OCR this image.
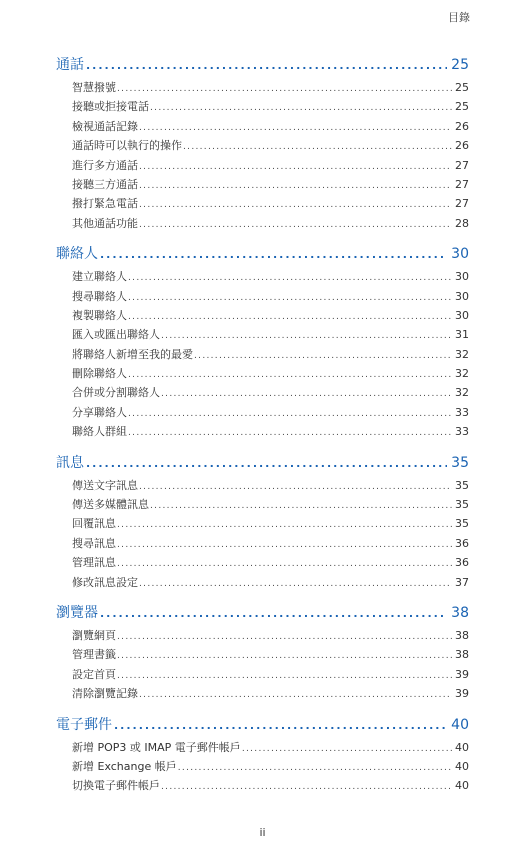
目錄
通話 .....	25
智慧撥號 .....	25
接聽或拒接電話 .....	25
檢視通話記錄 .....	26
通話時可以執行的操作 .....	26
進行多方通話 .....	27
接聽三方通話 .....	27
撥打緊急電話 .....	27
其他通話功能 .....	28
聯絡人 .....	30
建立聯絡人 .....	30
搜尋聯絡人 .....	30
複製聯絡人 .....	30
匯入或匯出聯絡人 .....	31
將聯絡人新增至我的最愛 .....	32
刪除聯絡人 .....	32
合併或分割聯絡人 .....	32
分享聯絡人 .....	33
聯絡人群組 .....	33
訊息 .....	35
傳送文字訊息 .....	35
傳送多媒體訊息 .....	35
回覆訊息 .....	35
搜尋訊息 .....	36
管理訊息 .....	36
修改訊息設定 .....	37
瀏覽器 .....	38
瀏覽網頁 .....	38
管理書籤 .....	38
設定首頁 .....	39
清除瀏覽記錄 .....	39
電子郵件 .....	40
新增 POP3 或 IMAP 電子郵件帳戶 .....	40
新增 Exchange 帳戶 .....	40
切換電子郵件帳戶 .....	40
ii
